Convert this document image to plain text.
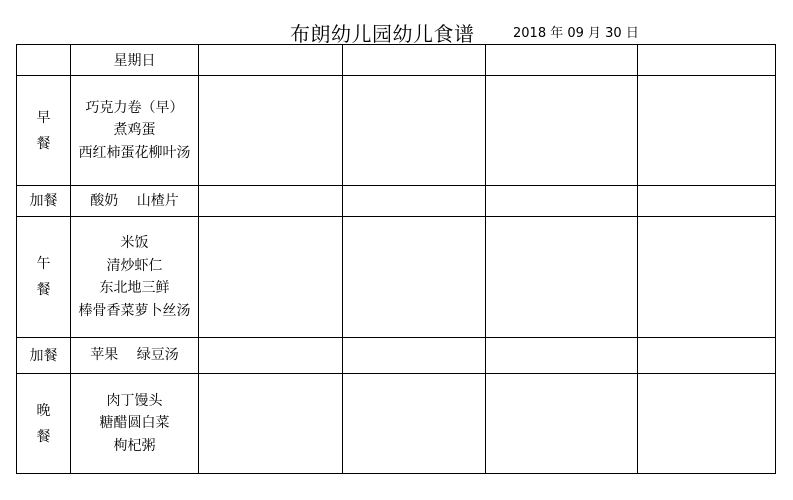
布朗幼儿园幼儿食谱	2018 年 09 月 30 日
	星期日				

早
餐	巧克力卷（早）
煮鸡蛋
西红柿蛋花柳叶汤				

加餐	酸奶　 山楂片				

午
餐	米饭
清炒虾仁
东北地三鲜
棒骨香菜萝卜丝汤				

加餐	苹果　 绿豆汤				

晚
餐	肉丁馒头
糖醋圆白菜
枸杞粥				
